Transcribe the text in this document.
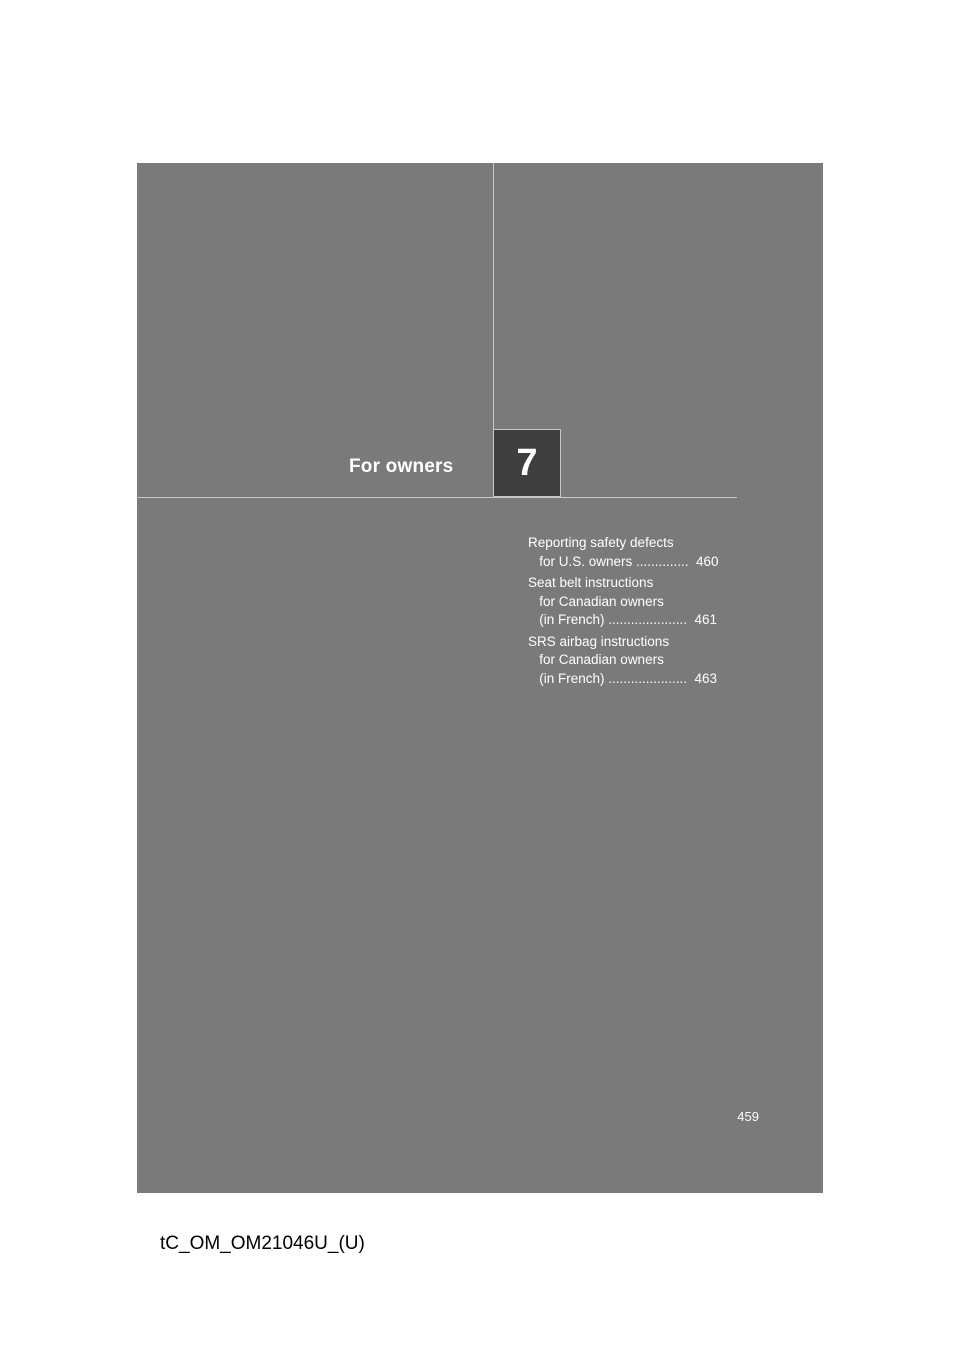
For owners 7
Reporting safety defects
for U.S. owners ..............  460
Seat belt instructions
for Canadian owners
(in French) .....................  461
SRS airbag instructions
for Canadian owners
(in French) .....................  463
459
tC_OM_OM21046U_(U)
